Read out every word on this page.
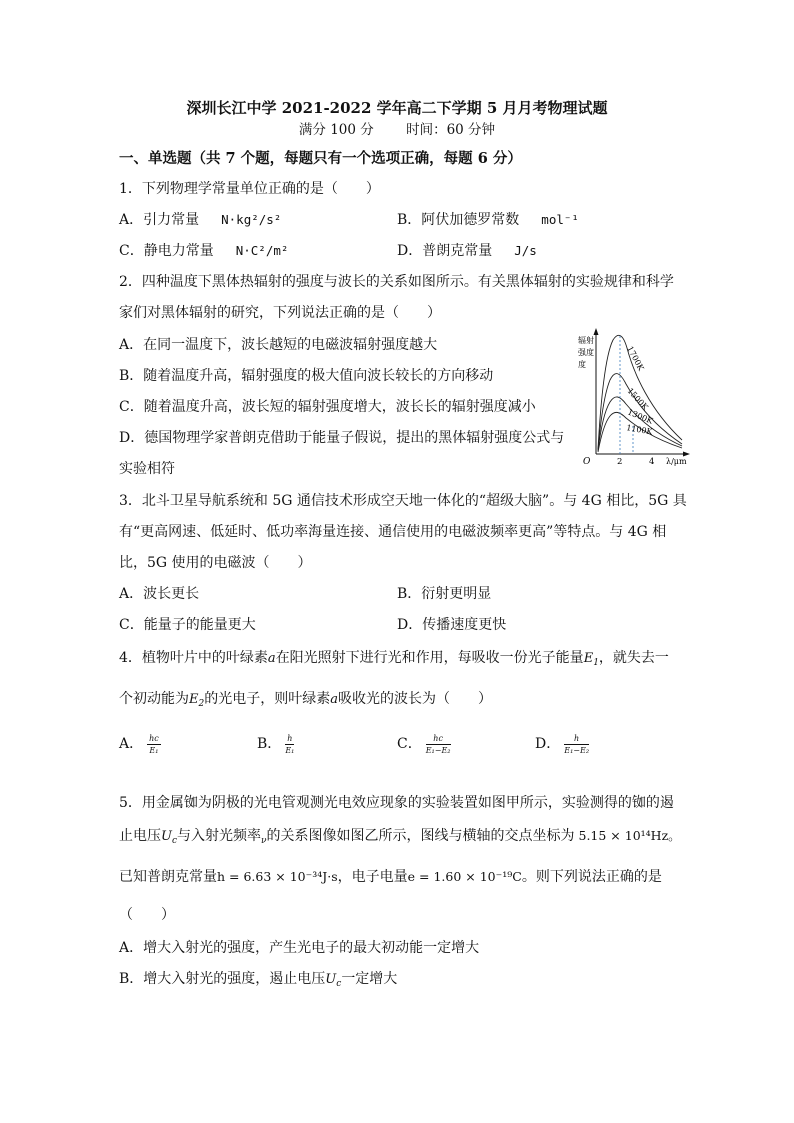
深圳长江中学 2021-2022 学年高二下学期 5 月月考物理试题
满分 100 分 时间：60 分钟
一、单选题（共 7 个题，每题只有一个选项正确，每题 6 分）
1．下列物理学常量单位正确的是（　　）
A．引力常量 N·kg²/s²	B．阿伏加德罗常数 mol⁻¹
C．静电力常量 N·C²/m²	D．普朗克常量 J/s
2．四种温度下黑体热辐射的强度与波长的关系如图所示。有关黑体辐射的实验规律和科学
家们对黑体辐射的研究，下列说法正确的是（　　）
A．在同一温度下，波长越短的电磁波辐射强度越大
B．随着温度升高，辐射强度的极大值向波长较长的方向移动
C．随着温度升高，波长短的辐射强度增大，波长长的辐射强度减小
D．德国物理学家普朗克借助于能量子假说，提出的黑体辐射强度公式与
实验相符
辐射
强度
度	1700K
1500K
1300K
1100K
O	2	4 λ/μm
3．北斗卫星导航系统和 5G 通信技术形成空天地一体化的“超级大脑”。与 4G 相比，5G 具
有“更高网速、低延时、低功率海量连接、通信使用的电磁波频率更高”等特点。与 4G 相
比，5G 使用的电磁波（　　）
A．波长更长	B．衍射更明显
C．能量子的能量更大	D．传播速度更快
4．植物叶片中的叶绿素a在阳光照射下进行光和作用，每吸收一份光子能量$E_1$，就失去一
个初动能为$E_2$的光电子，则叶绿素a吸收光的波长为（　　）
A． $\frac{hc}{\text{E₁}}$	B． $\frac{h}{\text{E₁}}$	C． $\frac{hc}{\text{E₁−E₂}}$	D． $\frac{h}{\text{E₁−E₂}}$
5．用金属铷为阴极的光电管观测光电效应现象的实验装置如图甲所示，实验测得的铷的遏
止电压$U_c$与入射光频率$_\nu$的关系图像如图乙所示，图线与横轴的交点坐标为 5.15 × 10¹⁴Hz。
已知普朗克常量h = 6.63 × 10⁻³⁴J·s，电子电量e = 1.60 × 10⁻¹⁹C。则下列说法正确的是
（　　）
A．增大入射光的强度，产生光电子的最大初动能一定增大
B．增大入射光的强度，遏止电压$U_c$一定增大
